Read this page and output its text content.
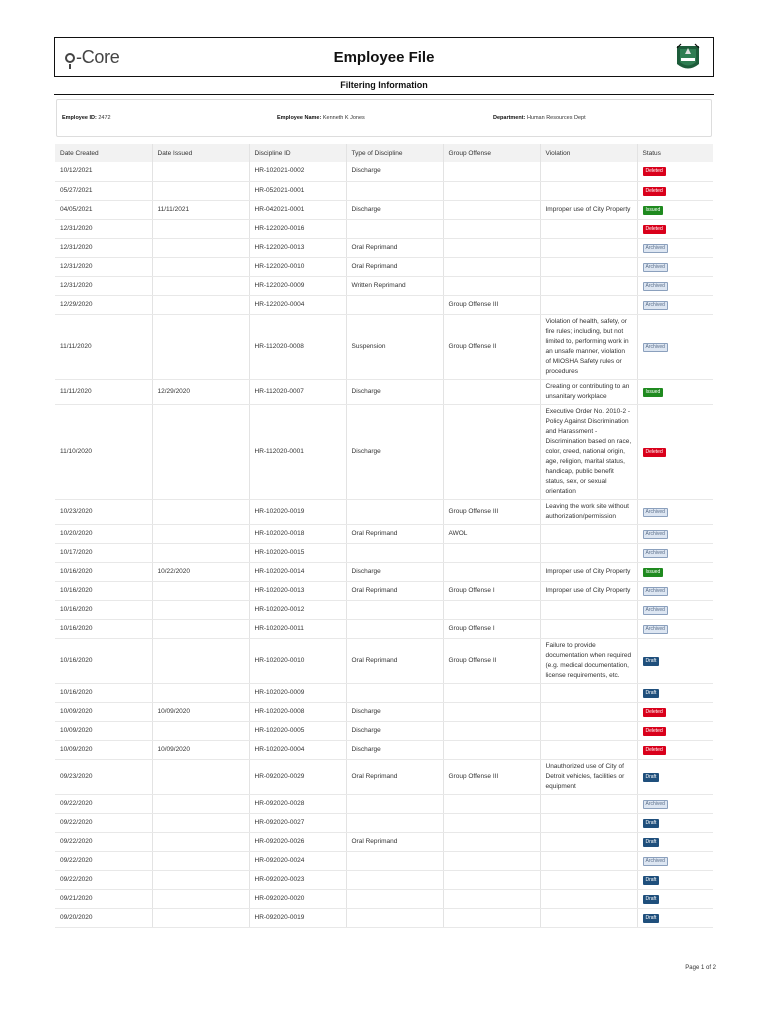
-Core	Employee File
Filtering Information
Employee ID: 2472	Employee Name: Kenneth K Jones	Department: Human Resources Dept
Date Created	Date Issued	Discipline ID	Type of Discipline	Group Offense	Violation	Status
10/12/2021		HR-102021-0002	Discharge			Deleted
05/27/2021		HR-052021-0001				Deleted
04/05/2021	11/11/2021	HR-042021-0001	Discharge		Improper use of City Property	Issued
12/31/2020		HR-122020-0016				Deleted
12/31/2020		HR-122020-0013	Oral Reprimand			Archived
12/31/2020		HR-122020-0010	Oral Reprimand			Archived
12/31/2020		HR-122020-0009	Written Reprimand			Archived
12/29/2020		HR-122020-0004		Group Offense III		Archived
11/11/2020		HR-112020-0008	Suspension	Group Offense II	Violation of health, safety, or fire rules; including, but not limited to, performing work in an unsafe manner, violation of MIOSHA Safety rules or procedures	Archived
11/11/2020	12/29/2020	HR-112020-0007	Discharge		Creating or contributing to an unsanitary workplace	Issued
11/10/2020		HR-112020-0001	Discharge		Executive Order No. 2010-2 - Policy Against Discrimination and Harassment - Discrimination based on race, color, creed, national origin, age, religion, marital status, handicap, public benefit status, sex, or sexual orientation	Deleted
10/23/2020		HR-102020-0019		Group Offense III	Leaving the work site without authorization/permission	Archived
10/20/2020		HR-102020-0018	Oral Reprimand	AWOL		Archived
10/17/2020		HR-102020-0015				Archived
10/16/2020	10/22/2020	HR-102020-0014	Discharge		Improper use of City Property	Issued
10/16/2020		HR-102020-0013	Oral Reprimand	Group Offense I	Improper use of City Property	Archived
10/16/2020		HR-102020-0012				Archived
10/16/2020		HR-102020-0011		Group Offense I		Archived
10/16/2020		HR-102020-0010	Oral Reprimand	Group Offense II	Failure to provide documentation when required (e.g. medical documentation, license requirements, etc.	Draft
10/16/2020		HR-102020-0009				Draft
10/09/2020	10/09/2020	HR-102020-0008	Discharge			Deleted
10/09/2020		HR-102020-0005	Discharge			Deleted
10/09/2020	10/09/2020	HR-102020-0004	Discharge			Deleted
09/23/2020		HR-092020-0029	Oral Reprimand	Group Offense III	Unauthorized use of City of Detroit vehicles, facilities or equipment	Draft
09/22/2020		HR-092020-0028				Archived
09/22/2020		HR-092020-0027				Draft
09/22/2020		HR-092020-0026	Oral Reprimand			Draft
09/22/2020		HR-092020-0024				Archived
09/22/2020		HR-092020-0023				Draft
09/21/2020		HR-092020-0020				Draft
09/20/2020		HR-092020-0019				Draft
Page 1 of 2
